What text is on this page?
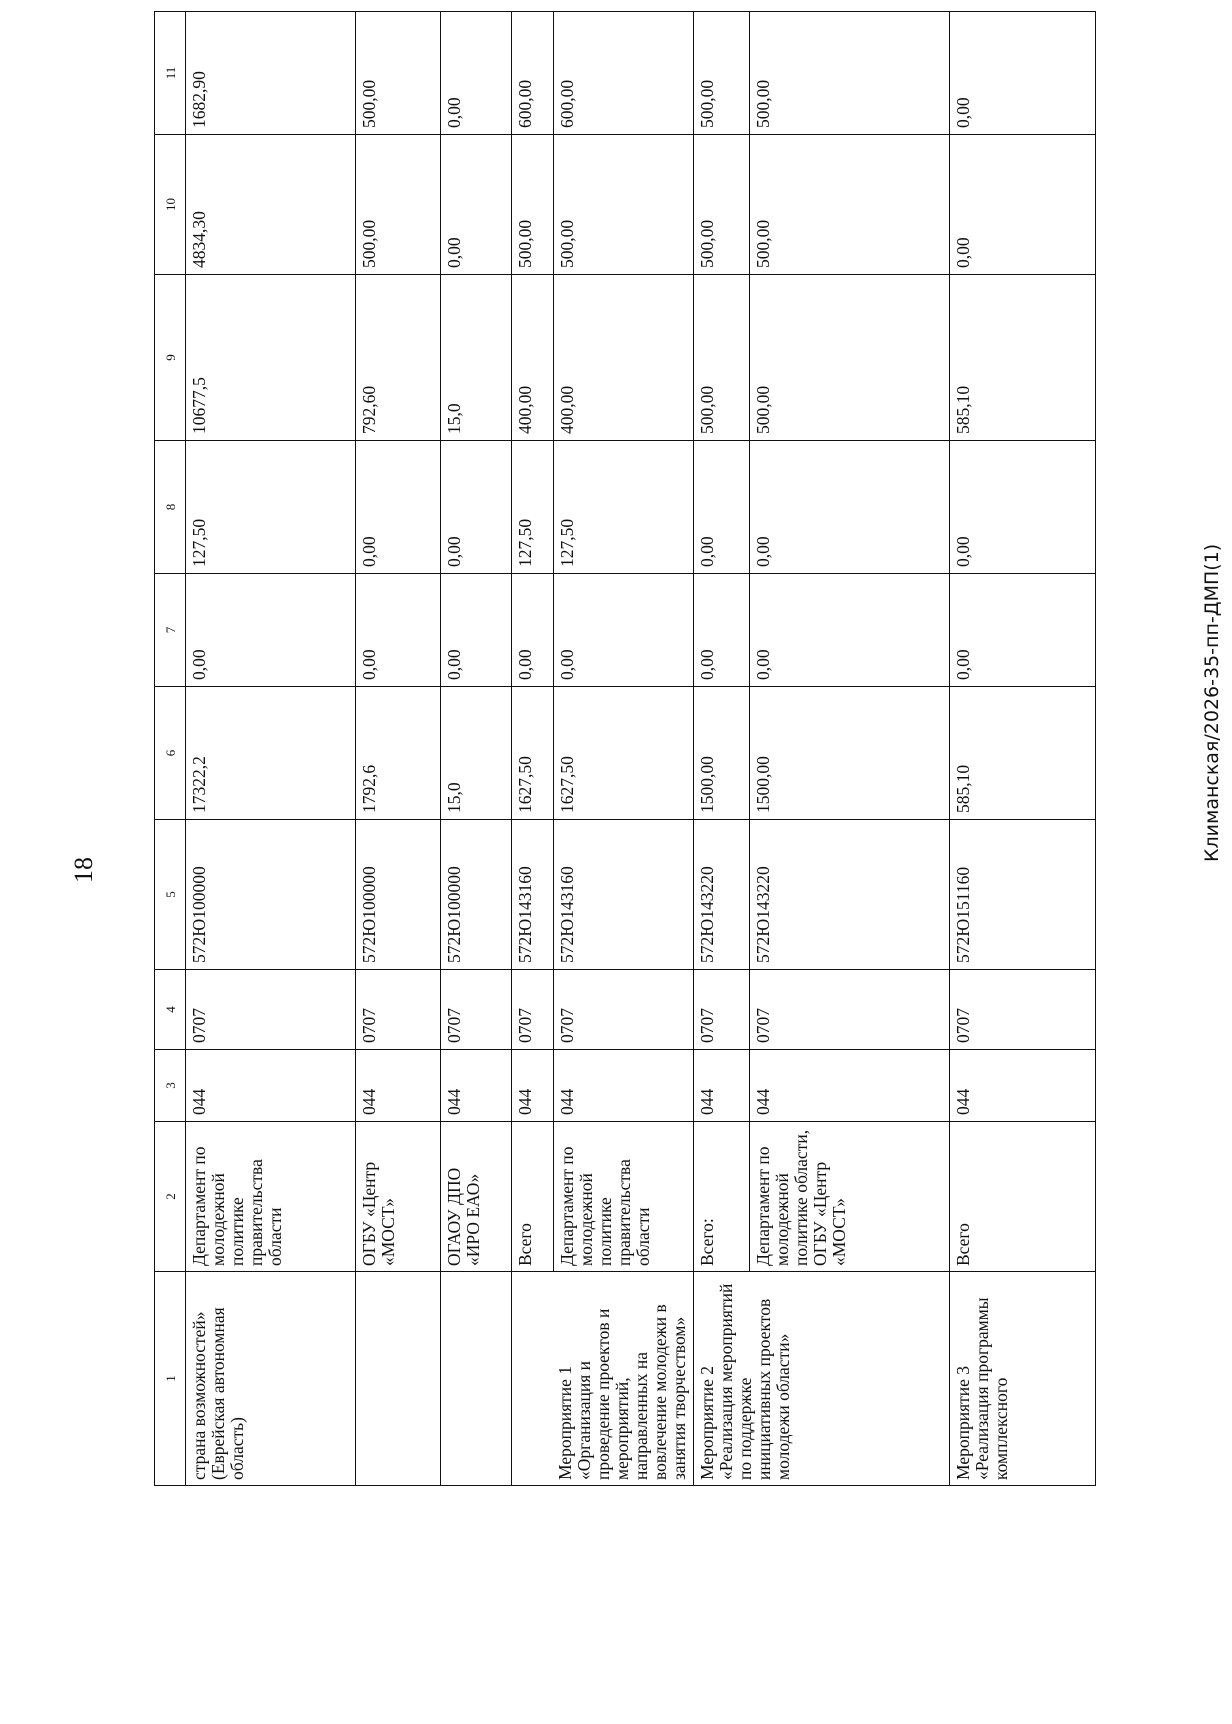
18
Климанская/2026-35-пп-ДМП(1)
1	2	3	4	5	6	7	8	9	10	11
страна возможностей» (Еврейская автономная область)	Департамент по молодежной политике правительства области	044	0707	572Ю100000	17322,2	0,00	127,50	10677,5	4834,30	1682,90
	ОГБУ «Центр «МОСТ»	044	0707	572Ю100000	1792,6	0,00	0,00	792,60	500,00	500,00
	ОГАОУ ДПО «ИРО ЕАО»	044	0707	572Ю100000	15,0	0,00	0,00	15,0	0,00	0,00
Мероприятие 1 «Организация и проведение проектов и мероприятий, направленных на вовлечение молодежи в занятия творчеством»	Всего	044	0707	572Ю143160	1627,50	0,00	127,50	400,00	500,00	600,00
	Департамент по молодежной политике правительства области	044	0707	572Ю143160	1627,50	0,00	127,50	400,00	500,00	600,00
Мероприятие 2 «Реализация мероприятий по поддержке инициативных проектов молодежи области»	Всего:	044	0707	572Ю143220	1500,00	0,00	0,00	500,00	500,00	500,00
	Департамент по молодежной политике области, ОГБУ «Центр «МОСТ»	044	0707	572Ю143220	1500,00	0,00	0,00	500,00	500,00	500,00
Мероприятие 3 «Реализация программы комплексного	Всего	044	0707	572Ю151160	585,10	0,00	0,00	585,10	0,00	0,00
